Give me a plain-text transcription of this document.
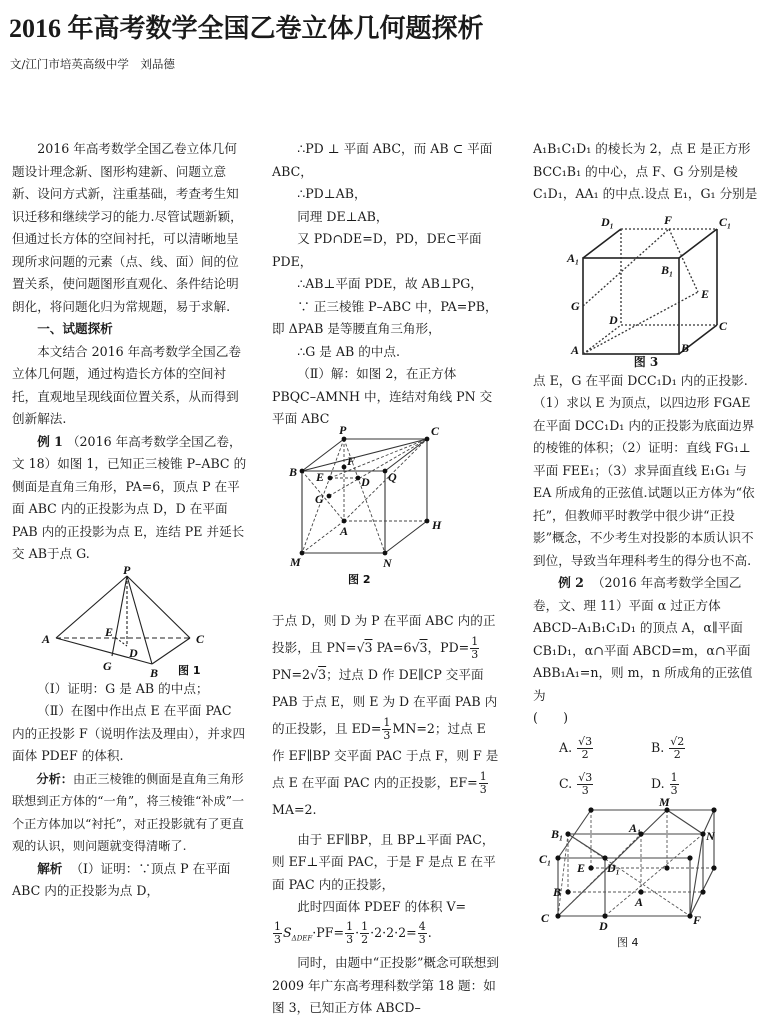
2016 年高考数学全国乙卷立体几何题探析
文/江门市培英高级中学　刘品德

2016 年高考数学全国乙卷立体几何题设计理念新、图形构建新、问题立意新、设问方式新，注重基础，考查考生知识迁移和继续学习的能力.尽管试题新颖，但通过长方体的空间衬托，可以清晰地呈现所求问题的元素（点、线、面）间的位置关系，使问题图形直观化、条件结论明朗化，将问题化归为常规题，易于求解.

一、试题探析

本文结合 2016 年高考数学全国乙卷立体几何题，通过构造长方体的空间衬托，直观地呈现线面位置关系，从而得到创新解法.

例 1 （2016 年高考数学全国乙卷，文 18）如图 1，已知正三棱锥 P–ABC 的侧面是直角三角形，PA=6，顶点 P 在平面 ABC 内的正投影为点 D，D 在平面 PAB 内的正投影为点 E，连结 PE 并延长交 AB于点 G.

P
A
B
C
D
E
G	图 1

（Ⅰ）证明：G 是 AB 的中点；

（Ⅱ）在图中作出点 E 在平面 PAC 内的正投影 F（说明作法及理由），并求四面体 PDEF 的体积.

分析：由正三棱锥的侧面是直角三角形联想到正方体的“一角”，将三棱锥“补成”一个正方体加以“衬托”，对正投影就有了更直观的认识，则问题就变得清晰了.

解析 （Ⅰ）证明：∵顶点 P 在平面 ABC 内的正投影为点 D，

∴PD ⊥ 平面 ABC，而 AB ⊂ 平面 ABC，

∴PD⊥AB，

同理 DE⊥AB，

又 PD∩DE=D，PD，DE⊂平面 PDE，

∴AB⊥平面 PDE，故 AB⊥PG，

∵ 正三棱锥 P–ABC 中，PA=PB，即 ΔPAB 是等腰直角三角形，

∴G 是 AB 的中点.

（Ⅱ）解：如图 2，在正方体 PBQC–AMNH 中，连结对角线 PN 交平面 ABC

P	C
B
F
E	D Q
G
A	H
M	N
图 2

于点 D，则 D 为 P 在平面 ABC 内的正投影，且 PN=√3 PA=6√3，$PD= \frac{1}{3}$
PN=2√3；过点 D 作 DE∥CP 交平面 PAB 于点 E，则 E 为 D 在平面 PAB 内的正投影，且 $ED= \frac{1}{3} MN=2$；过点 E 作 EF∥BP 交平面 PAC 于点 F，则 F 是点 E 在平面 PAC 内的正投影，$EF= \frac{1}{3}$
MA=2.

由于 EF∥BP，且 BP⊥平面 PAC，则 EF⊥平面 PAC，于是 F 是点 E 在平面 PAC 内的正投影，

此时四面体 PDEF 的体积 V=

$\frac{1}{3} S_{\Delta DEF}\cdot PF= \frac{1}{3} \cdot \frac{1}{2} \cdot 2\cdot 2\cdot 2= \frac{4}{3}$ .

同时，由题中“正投影”概念可联想到 2009 年广东高考理科数学第 18 题：如图 3，已知正方体 ABCD–

A₁B₁C₁D₁ 的棱长为 2，点 E 是正方形 BCC₁B₁ 的中心，点 F、G 分别是棱 C₁D₁，AA₁ 的中点.设点 E₁，G₁ 分别是

D₁	F	C₁
A₁
B₁
E
G
D	C
A	B
图 3

点 E，G 在平面 DCC₁D₁ 内的正投影.（1）求以 E 为顶点，以四边形 FGAE 在平面 DCC₁D₁ 内的正投影为底面边界的棱锥的体积；（2）证明：直线 FG₁⊥平面 FEE₁；（3）求异面直线 E₁G₁ 与 EA 所成角的正弦值.试题以正方体为“依托”，但教师平时教学中很少讲“正投影”概念，不少考生对投影的本质认识不到位，导致当年理科考生的得分也不高.

例 2 （2016 年高考数学全国乙卷，文、理 11）平面 α 过正方体 ABCD–A₁B₁C₁D₁ 的顶点 A，α∥平面 CB₁D₁，α∩平面 ABCD=m，α∩平面 ABB₁A₁=n，则 m，n 所成角的正弦值为

(　　)

A. $\frac{√3}{2}$	B. $\frac{√2}{2}$

C. $\frac{√3}{3}$	D. $\frac{1}{3}$
M
B₁	A₁
N
C₁
E D₁
B
A
C
D	F
图 4
